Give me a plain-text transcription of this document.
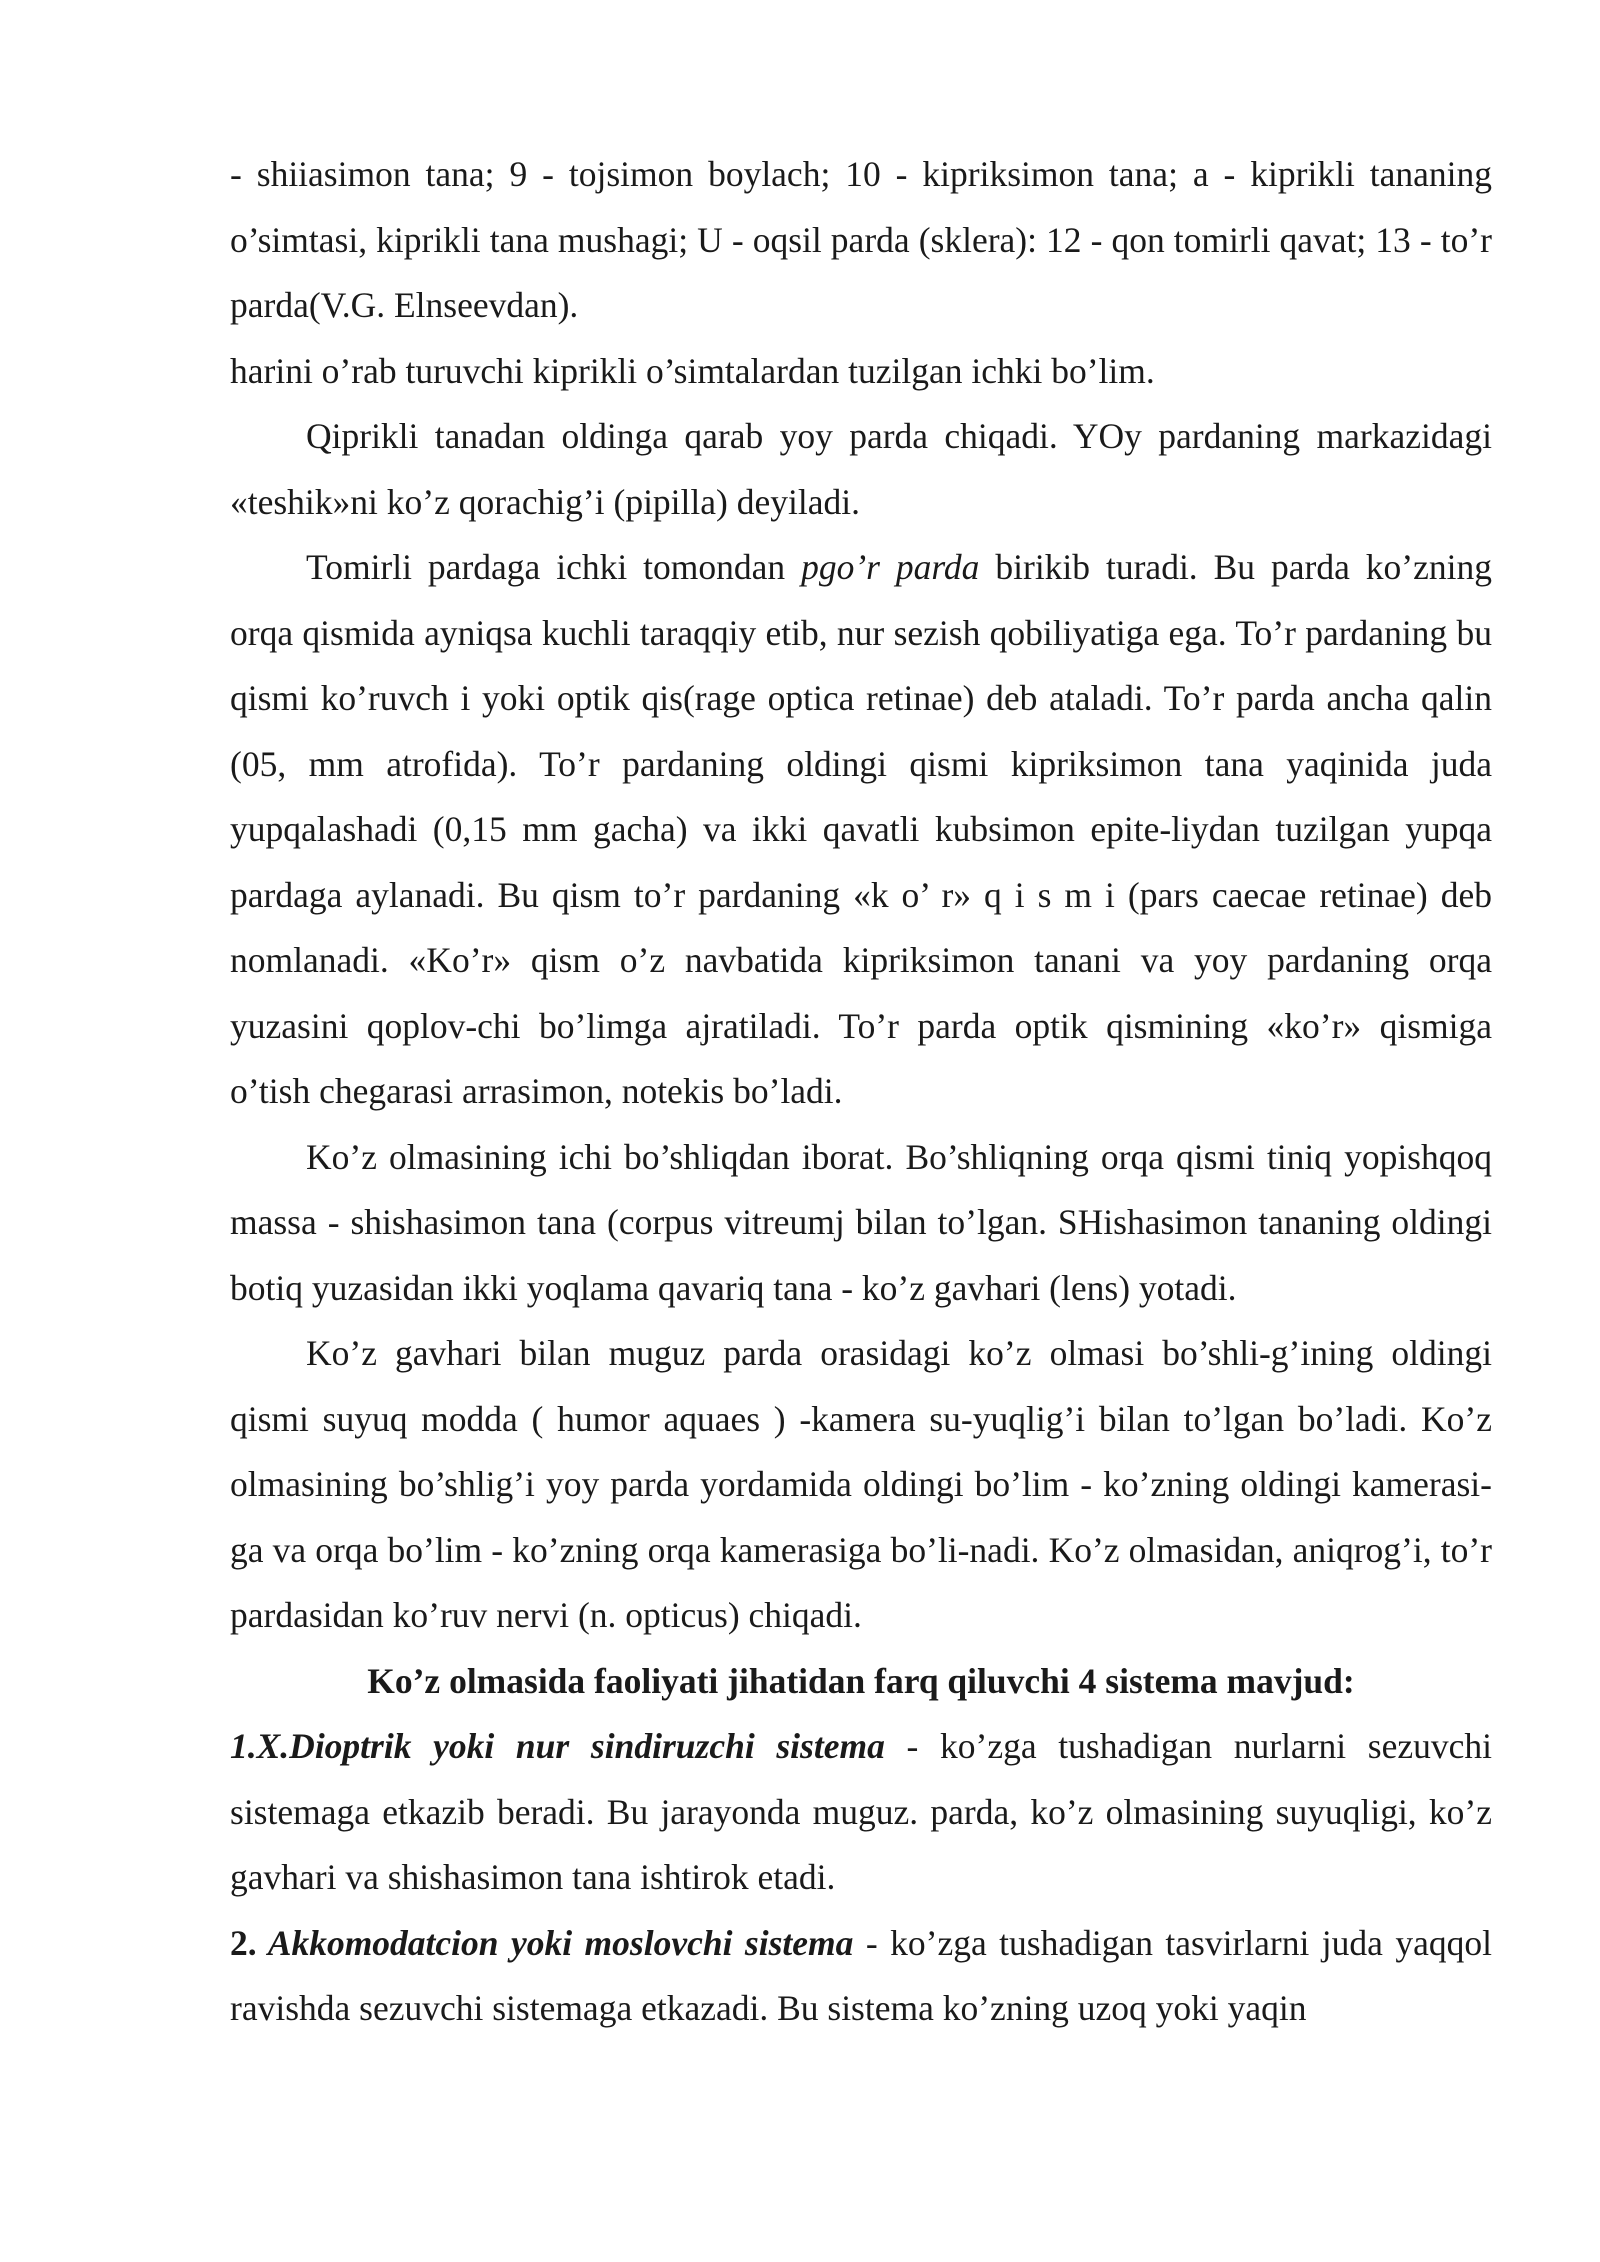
- shiiasimon tana; 9 - tojsimon boylach; 10 - kipriksimon tana; a - kiprikli tananing o’simtasi, kiprikli tana mushagi; U - oqsil parda (sklera): 12 - qon tomirli qavat; 13 - to’r parda(V.G. Elnseevdan).

harini o’rab turuvchi kiprikli o’simtalardan tuzilgan ichki bo’lim.

Qiprikli tanadan oldinga qarab yoy parda chiqadi. YOy pardaning markazidagi «teshik»ni ko’z qorachig’i (pipilla) deyiladi.

Tomirli pardaga ichki tomondan pgo’r parda birikib turadi. Bu parda ko’zning orqa qismida ayniqsa kuchli taraqqiy etib, nur sezish qobiliyatiga ega. To’r pardaning bu qismi ko’ruvch i yoki optik qis(rage optica retinae) deb ataladi. To’r parda ancha qalin (05, mm atrofida). To’r pardaning oldingi qismi kipriksimon tana yaqinida juda yupqalashadi (0,15 mm gacha) va ikki qavatli kubsimon epite-liydan tuzilgan yupqa pardaga aylanadi. Bu qism to’r pardaning «k o’ r» q i s m i (pars caecae retinae) deb nomlanadi. «Ko’r» qism o’z navbatida kipriksimon tanani va yoy pardaning orqa yuzasini qoplov-chi bo’limga ajratiladi. To’r parda optik qismining «ko’r» qismiga o’tish chegarasi arrasimon, notekis bo’ladi.

Ko’z olmasining ichi bo’shliqdan iborat. Bo’shliqning orqa qismi tiniq yopishqoq massa - shishasimon tana (corpus vitreumj bilan to’lgan. SHishasimon tananing oldingi botiq yuzasidan ikki yoqlama qavariq tana - ko’z gavhari (lens) yotadi.

Ko’z gavhari bilan muguz parda orasidagi ko’z olmasi bo’shli-g’ining oldingi qismi suyuq modda ( humor aquaes ) -kamera su-yuqlig’i bilan to’lgan bo’ladi. Ko’z olmasining bo’shlig’i yoy parda yordamida oldingi bo’lim - ko’zning oldingi kamerasi-ga va orqa bo’lim - ko’zning orqa kamerasiga bo’li-nadi. Ko’z olmasidan, aniqrog’i, to’r pardasidan ko’ruv nervi (n. opticus) chiqadi.

Ko’z olmasida faoliyati jihatidan farq qiluvchi 4 sistema mavjud:

1.X.Dioptrik yoki nur sindiruzchi sistema - ko’zga tushadigan nurlarni sezuvchi sistemaga etkazib beradi. Bu jarayonda muguz. parda, ko’z olmasining suyuqligi, ko’z gavhari va shishasimon tana ishtirok etadi.

2. Akkomodatcion yoki moslovchi sistema - ko’zga tushadigan tasvirlarni juda yaqqol ravishda sezuvchi sistemaga etkazadi. Bu sistema ko’zning uzoq yoki yaqin
